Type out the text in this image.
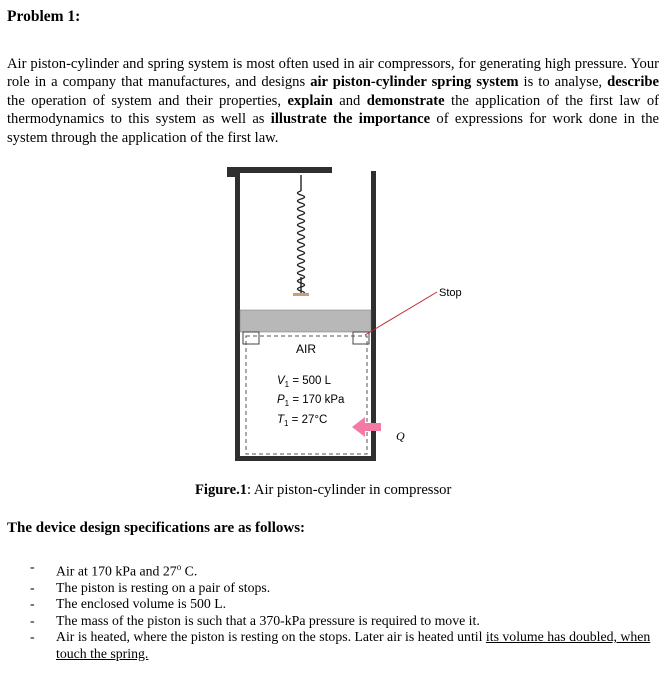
Problem 1:

Air piston-cylinder and spring system is most often used in air compressors, for generating high pressure. Your role in a company that manufactures, and designs air piston-cylinder spring system is to analyse, describe the operation of system and their properties, explain and demonstrate the application of the first law of thermodynamics to this system as well as illustrate the importance of expressions for work done in the system through the application of the first law.

Stop
AIR
$V_1 = 500$ L
$P_1 = 170$ kPa
$T_1 = 27^\circ C$
Q

Figure.1: Air piston-cylinder in compressor

The device design specifications are as follows:
- Air at 170 kPa and 27$^o$ C.
- The piston is resting on a pair of stops.
- The enclosed volume is 500 L.
- The mass of the piston is such that a 370-kPa pressure is required to move it.
- Air is heated, where the piston is resting on the stops. Later air is heated until its volume has doubled, when touch the spring.
